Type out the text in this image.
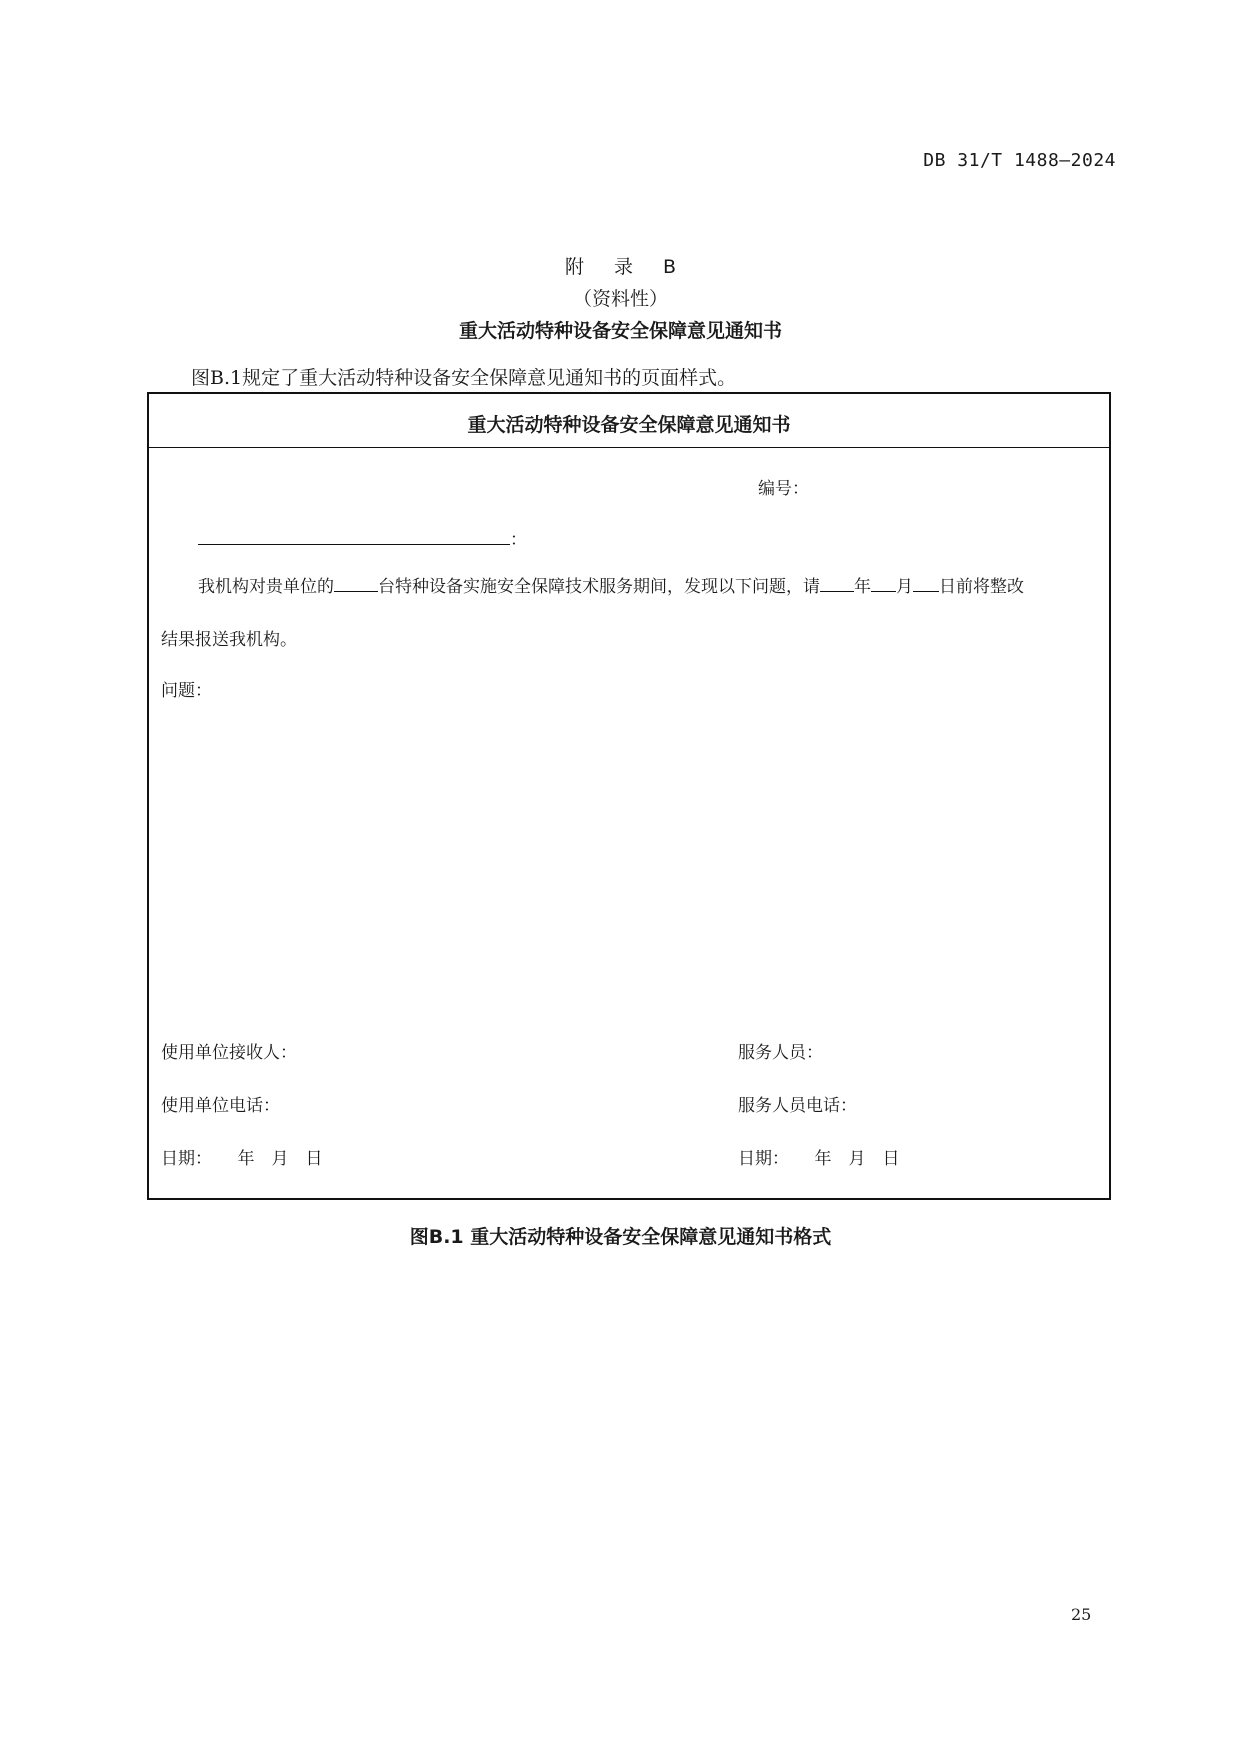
DB 31/T 1488—2024
附 录 B
（资料性）
重大活动特种设备安全保障意见通知书
图B.1规定了重大活动特种设备安全保障意见通知书的页面样式。
重大活动特种设备安全保障意见通知书
编号：
：
我机构对贵单位的	台特种设备实施安全保障技术服务期间，发现以下问题，请 年 月 日前将整改
结果报送我机构。
问题：
使用单位接收人：
使用单位电话：
日期：　　年　月　日
服务人员：
服务人员电话：
日期：　　年　月　日
图B.1 重大活动特种设备安全保障意见通知书格式
25
